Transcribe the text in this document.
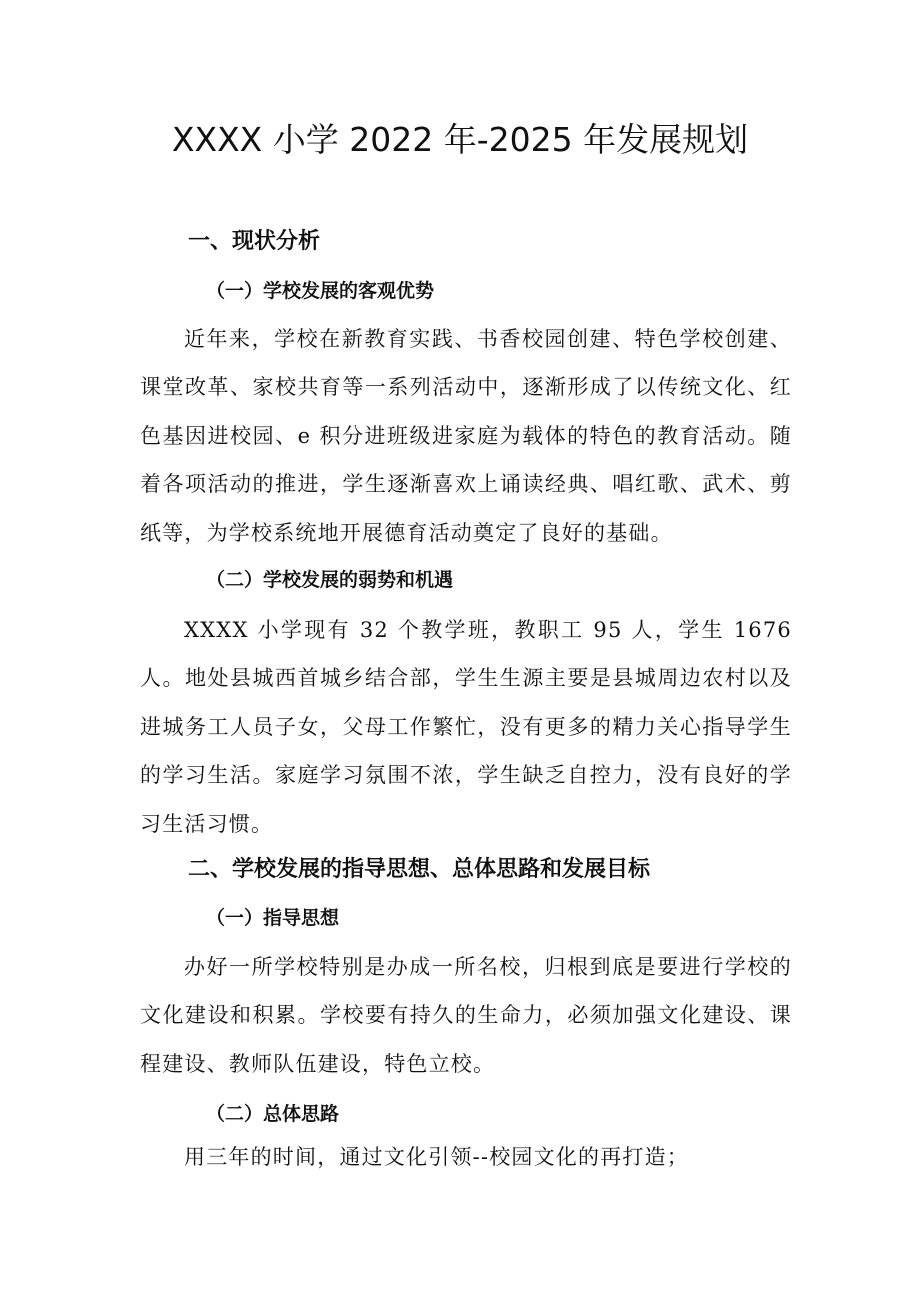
XXXX 小学 2022 年-2025 年发展规划
一、现状分析
（一）学校发展的客观优势

近年来，学校在新教育实践、书香校园创建、特色学校创建、课堂改革、家校共育等一系列活动中，逐渐形成了以传统文化、红色基因进校园、e 积分进班级进家庭为载体的特色的教育活动。随着各项活动的推进，学生逐渐喜欢上诵读经典、唱红歌、武术、剪纸等，为学校系统地开展德育活动奠定了良好的基础。

（二）学校发展的弱势和机遇

XXXX 小学现有 32 个教学班，教职工 95 人，学生 1676 人。地处县城西首城乡结合部，学生生源主要是县城周边农村以及进城务工人员子女，父母工作繁忙，没有更多的精力关心指导学生的学习生活。家庭学习氛围不浓，学生缺乏自控力，没有良好的学习生活习惯。

二、学校发展的指导思想、总体思路和发展目标
（一）指导思想

办好一所学校特别是办成一所名校，归根到底是要进行学校的文化建设和积累。学校要有持久的生命力，必须加强文化建设、课程建设、教师队伍建设，特色立校。

（二）总体思路

用三年的时间，通过文化引领--校园文化的再打造；
